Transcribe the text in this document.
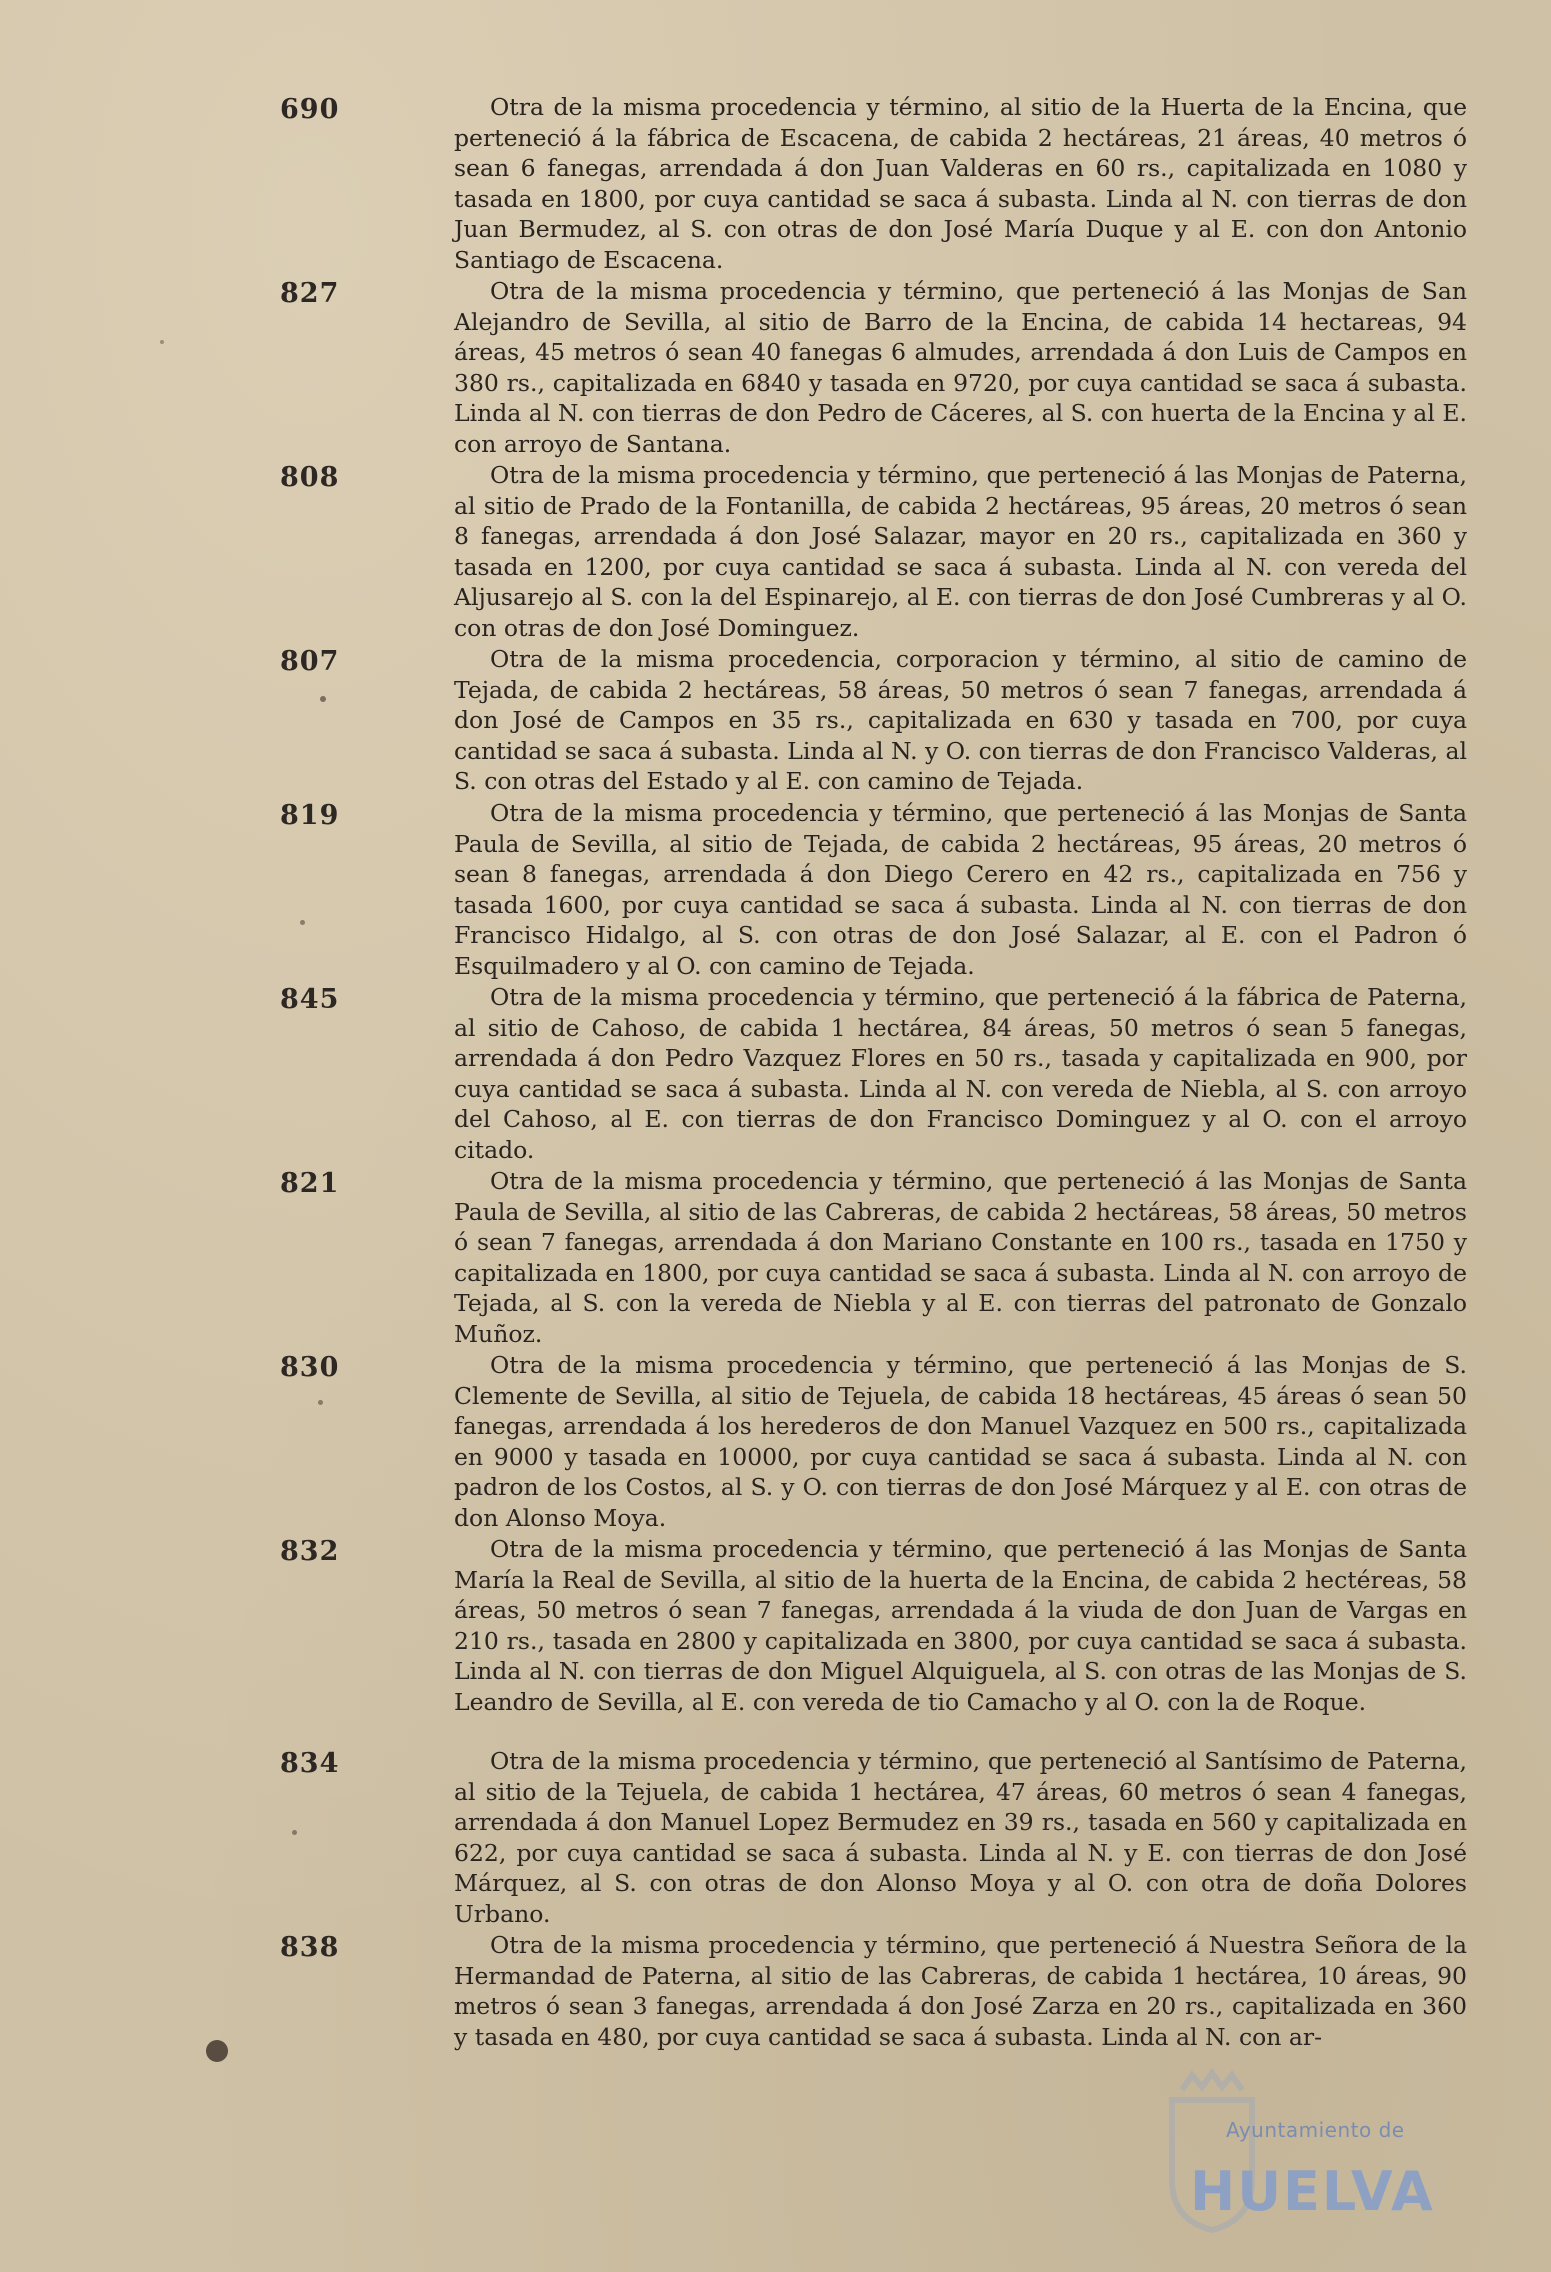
690	Otra de la misma procedencia y término, al sitio de la Huerta de la Encina, que perteneció á la fábrica de Escacena, de cabida 2 hectáreas, 21 áreas, 40 metros ó sean 6 fanegas, arrendada á don Juan Valderas en 60 rs., capitalizada en 1080 y tasada en 1800, por cuya cantidad se saca á subasta. Linda al N. con tierras de don Juan Bermudez, al S. con otras de don José María Duque y al E. con don Antonio Santiago de Escacena.

827	Otra de la misma procedencia y término, que perteneció á las Monjas de San Alejandro de Sevilla, al sitio de Barro de la Encina, de cabida 14 hectareas, 94 áreas, 45 metros ó sean 40 fanegas 6 almudes, arrendada á don Luis de Campos en 380 rs., capitalizada en 6840 y tasada en 9720, por cuya cantidad se saca á subasta. Linda al N. con tierras de don Pedro de Cáceres, al S. con huerta de la Encina y al E. con arroyo de Santana.

808	Otra de la misma procedencia y término, que perteneció á las Monjas de Paterna, al sitio de Prado de la Fontanilla, de cabida 2 hectáreas, 95 áreas, 20 metros ó sean 8 fanegas, arrendada á don José Salazar, mayor en 20 rs., capitalizada en 360 y tasada en 1200, por cuya cantidad se saca á subasta. Linda al N. con vereda del Aljusarejo al S. con la del Espinarejo, al E. con tierras de don José Cumbreras y al O. con otras de don José Dominguez.

807	Otra de la misma procedencia, corporacion y término, al sitio de camino de Tejada, de cabida 2 hectáreas, 58 áreas, 50 metros ó sean 7 fanegas, arrendada á don José de Campos en 35 rs., capitalizada en 630 y tasada en 700, por cuya cantidad se saca á subasta. Linda al N. y O. con tierras de don Francisco Valderas, al S. con otras del Estado y al E. con camino de Tejada.

819	Otra de la misma procedencia y término, que perteneció á las Monjas de Santa Paula de Sevilla, al sitio de Tejada, de cabida 2 hectáreas, 95 áreas, 20 metros ó sean 8 fanegas, arrendada á don Diego Cerero en 42 rs., capitalizada en 756 y tasada 1600, por cuya cantidad se saca á subasta. Linda al N. con tierras de don Francisco Hidalgo, al S. con otras de don José Salazar, al E. con el Padron ó Esquilmadero y al O. con camino de Tejada.

845	Otra de la misma procedencia y término, que perteneció á la fábrica de Paterna, al sitio de Cahoso, de cabida 1 hectárea, 84 áreas, 50 metros ó sean 5 fanegas, arrendada á don Pedro Vazquez Flores en 50 rs., tasada y capitalizada en 900, por cuya cantidad se saca á subasta. Linda al N. con vereda de Niebla, al S. con arroyo del Cahoso, al E. con tierras de don Francisco Dominguez y al O. con el arroyo citado.

821	Otra de la misma procedencia y término, que perteneció á las Monjas de Santa Paula de Sevilla, al sitio de las Cabreras, de cabida 2 hectáreas, 58 áreas, 50 metros ó sean 7 fanegas, arrendada á don Mariano Constante en 100 rs., tasada en 1750 y capitalizada en 1800, por cuya cantidad se saca á subasta. Linda al N. con arroyo de Tejada, al S. con la vereda de Niebla y al E. con tierras del patronato de Gonzalo Muñoz.

830	Otra de la misma procedencia y término, que perteneció á las Monjas de S. Clemente de Sevilla, al sitio de Tejuela, de cabida 18 hectáreas, 45 áreas ó sean 50 fanegas, arrendada á los herederos de don Manuel Vazquez en 500 rs., capitalizada en 9000 y tasada en 10000, por cuya cantidad se saca á subasta. Linda al N. con padron de los Costos, al S. y O. con tierras de don José Márquez y al E. con otras de don Alonso Moya.

832	Otra de la misma procedencia y término, que perteneció á las Monjas de Santa María la Real de Sevilla, al sitio de la huerta de la Encina, de cabida 2 hectéreas, 58 áreas, 50 metros ó sean 7 fanegas, arrendada á la viuda de don Juan de Vargas en 210 rs., tasada en 2800 y capitalizada en 3800, por cuya cantidad se saca á subasta. Linda al N. con tierras de don Miguel Alquiguela, al S. con otras de las Monjas de S. Leandro de Sevilla, al E. con vereda de tio Camacho y al O. con la de Roque.

834	Otra de la misma procedencia y término, que perteneció al Santísimo de Paterna, al sitio de la Tejuela, de cabida 1 hectárea, 47 áreas, 60 metros ó sean 4 fanegas, arrendada á don Manuel Lopez Bermudez en 39 rs., tasada en 560 y capitalizada en 622, por cuya cantidad se saca á subasta. Linda al N. y E. con tierras de don José Márquez, al S. con otras de don Alonso Moya y al O. con otra de doña Dolores Urbano.

838	Otra de la misma procedencia y término, que perteneció á Nuestra Señora de la Hermandad de Paterna, al sitio de las Cabreras, de cabida 1 hectárea, 10 áreas, 90 metros ó sean 3 fanegas, arrendada á don José Zarza en 20 rs., capitalizada en 360 y tasada en 480, por cuya cantidad se saca á subasta. Linda al N. con ar-

Ayuntamiento de
HUELVA
